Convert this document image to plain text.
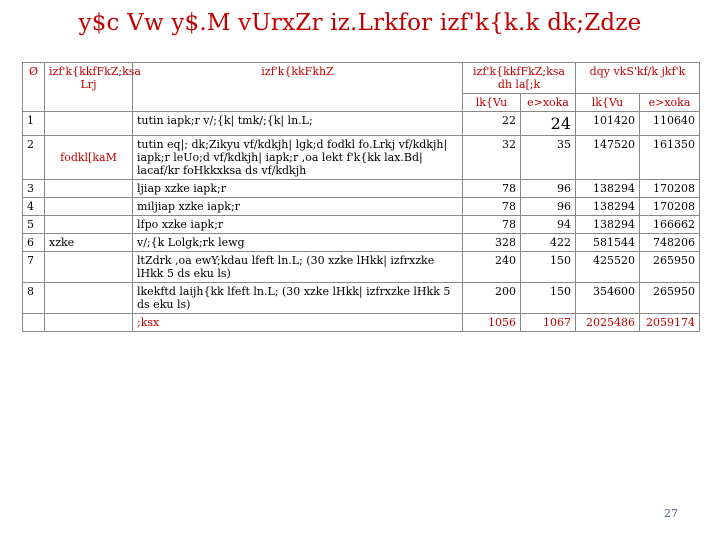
y$c Vw y$.M vUrxZr iz.Lrkfor izf'k{k.k dk;Zdze
Ø	izf'k{kkfFkZ;ksa Lrj	izf'k{kkFkhZ	izf'k{kkfFkZ;ksa dh la[;k		dqy vkS'kf/k jkf'k	
			lk{Vu	e>xoka	lk{Vu	e>xoka
1		tutin iapk;r v/;{k| tmk/;{k| ln.L;	22	24	101420	110640
2	fodkl[kaM	tutin eq|; dk;Zikyu vf/kdkjh| lgk;d fodkl fo.Lrkj vf/kdkjh| iapk;r leUo;d vf/kdkjh| iapk;r ,oa lekt f'k{kk lax.Bd| lacaf/kr foHkkxksa ds vf/kdkjh	32	35	147520	161350
3		ljiap xzke iapk;r	78	96	138294	170208
4		miljiap xzke iapk;r	78	96	138294	170208
5		lfpo xzke iapk;r	78	94	138294	166662
6	xzke	v/;{k Lolgk;rk lewg	328	422	581544	748206
7		ltZdrk ,oa ewY;kdau lfeft ln.L; (30 xzke lHkk| izfrxzke lHkk 5 ds eku ls)	240	150	425520	265950
8		lkekftd laijh{kk lfeft ln.L; (30 xzke lHkk| izfrxzke lHkk 5 ds eku ls)	200	150	354600	265950
		;ksx	1056	1067	2025486	2059174
27
